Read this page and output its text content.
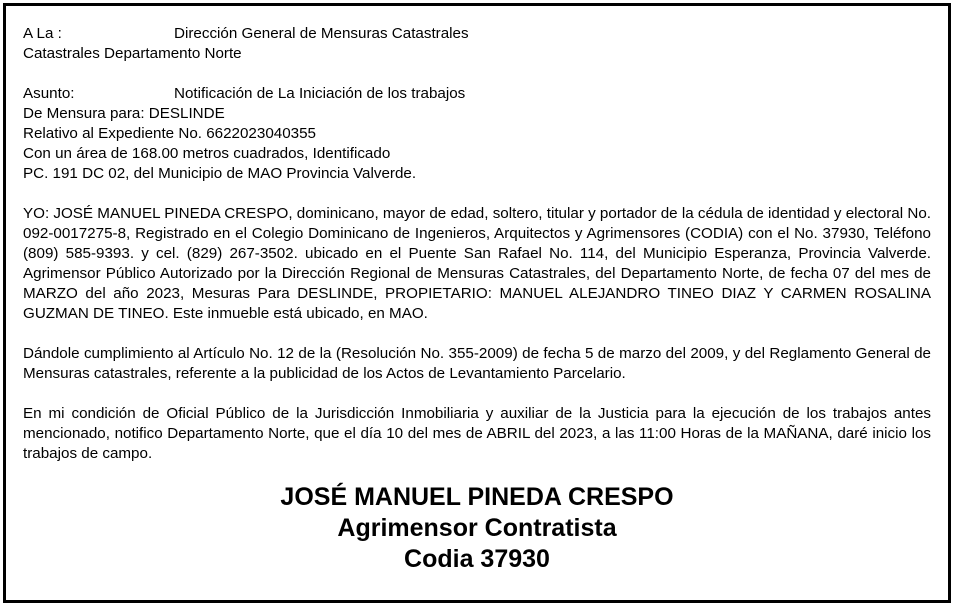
A La :	Dirección General de Mensuras Catastrales
Catastrales Departamento Norte
Asunto:	Notificación de La Iniciación de los trabajos
De Mensura para: DESLINDE
Relativo al Expediente No. 6622023040355
Con un área de 168.00 metros cuadrados, Identificado
PC. 191 DC 02, del Municipio de MAO Provincia Valverde.

YO: JOSÉ MANUEL PINEDA CRESPO, dominicano, mayor de edad, soltero, titular y portador de la cédula de identidad y electoral No. 092-0017275-8, Registrado en el Colegio Dominicano de Ingenieros, Arquitectos y Agrimensores (CODIA) con el No. 37930, Teléfono (809) 585-9393. y cel. (829) 267-3502. ubicado en el Puente San Rafael No. 114, del Municipio Esperanza, Provincia Valverde. Agrimensor Público Autorizado por la Dirección Regional de Mensuras Catastrales, del Departamento Norte, de fecha 07 del mes de MARZO del año 2023, Mesuras Para DESLINDE, PROPIETARIO: MANUEL ALEJANDRO TINEO DIAZ Y CARMEN ROSALINA GUZMAN DE TINEO. Este inmueble está ubicado, en MAO.

Dándole cumplimiento al Artículo No. 12 de la (Resolución No. 355-2009) de fecha 5 de marzo del 2009, y del Reglamento General de Mensuras catastrales, referente a la publicidad de los Actos de Levantamiento Parcelario.

En mi condición de Oficial Público de la Jurisdicción Inmobiliaria y auxiliar de la Justicia para la ejecución de los trabajos antes mencionado, notifico Departamento Norte, que el día 10 del mes de ABRIL del 2023, a las 11:00 Horas de la MAÑANA, daré inicio los trabajos de campo.

JOSÉ MANUEL PINEDA CRESPO
Agrimensor Contratista
Codia 37930
